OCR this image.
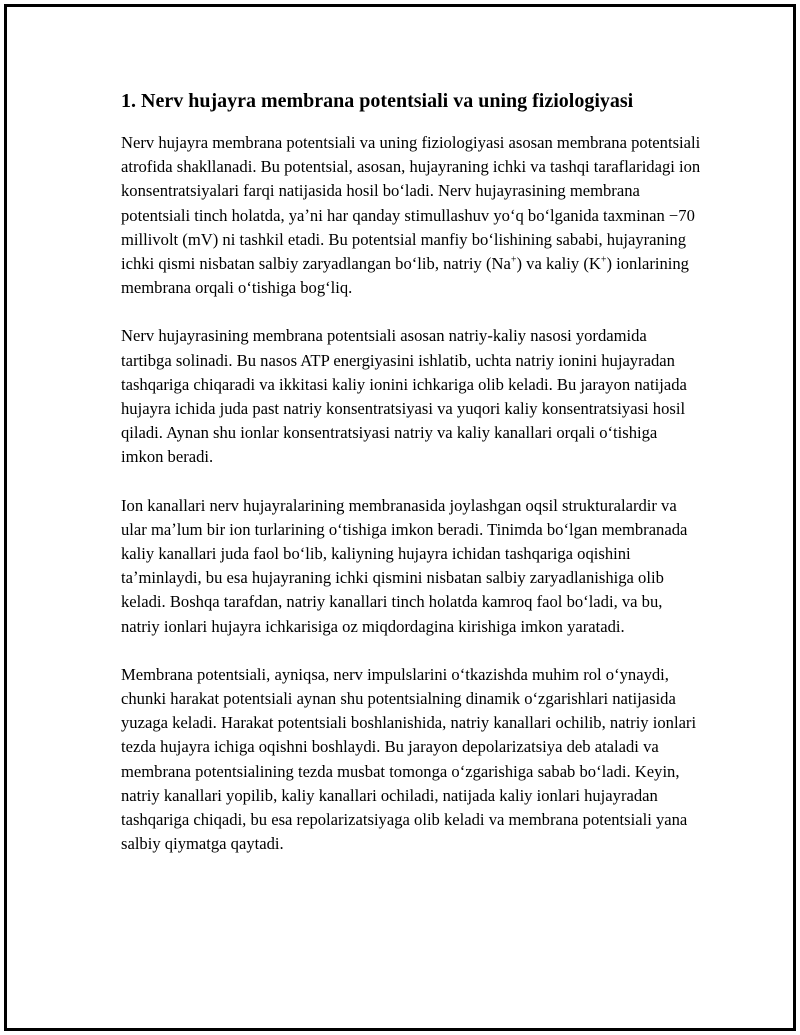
1. Nerv hujayra membrana potentsiali va uning fiziologiyasi

Nerv hujayra membrana potentsiali va uning fiziologiyasi asosan membrana potentsiali atrofida shakllanadi. Bu potentsial, asosan, hujayraning ichki va tashqi taraflaridagi ion konsentratsiyalari farqi natijasida hosil boʻladi. Nerv hujayrasining membrana potentsiali tinch holatda, yaʼni har qanday stimullashuv yoʻq boʻlganida taxminan −70 millivolt (mV) ni tashkil etadi. Bu potentsial manfiy boʻlishining sababi, hujayraning ichki qismi nisbatan salbiy zaryadlangan boʻlib, natriy (Na+) va kaliy (K+) ionlarining membrana orqali oʻtishiga bogʻliq.

Nerv hujayrasining membrana potentsiali asosan natriy-kaliy nasosi yordamida tartibga solinadi. Bu nasos ATP energiyasini ishlatib, uchta natriy ionini hujayradan tashqariga chiqaradi va ikkitasi kaliy ionini ichkariga olib keladi. Bu jarayon natijada hujayra ichida juda past natriy konsentratsiyasi va yuqori kaliy konsentratsiyasi hosil qiladi. Aynan shu ionlar konsentratsiyasi natriy va kaliy kanallari orqali oʻtishiga imkon beradi.

Ion kanallari nerv hujayralarining membranasida joylashgan oqsil strukturalardir va ular maʼlum bir ion turlarining oʻtishiga imkon beradi. Tinimda boʻlgan membranada kaliy kanallari juda faol boʻlib, kaliyning hujayra ichidan tashqariga oqishini taʼminlaydi, bu esa hujayraning ichki qismini nisbatan salbiy zaryadlanishiga olib keladi. Boshqa tarafdan, natriy kanallari tinch holatda kamroq faol boʻladi, va bu, natriy ionlari hujayra ichkarisiga oz miqdordagina kirishiga imkon yaratadi.

Membrana potentsiali, ayniqsa, nerv impulslarini oʻtkazishda muhim rol oʻynaydi, chunki harakat potentsiali aynan shu potentsialning dinamik oʻzgarishlari natijasida yuzaga keladi. Harakat potentsiali boshlanishida, natriy kanallari ochilib, natriy ionlari tezda hujayra ichiga oqishni boshlaydi. Bu jarayon depolarizatsiya deb ataladi va membrana potentsialining tezda musbat tomonga oʻzgarishiga sabab boʻladi. Keyin, natriy kanallari yopilib, kaliy kanallari ochiladi, natijada kaliy ionlari hujayradan tashqariga chiqadi, bu esa repolarizatsiyaga olib keladi va membrana potentsiali yana salbiy qiymatga qaytadi.
